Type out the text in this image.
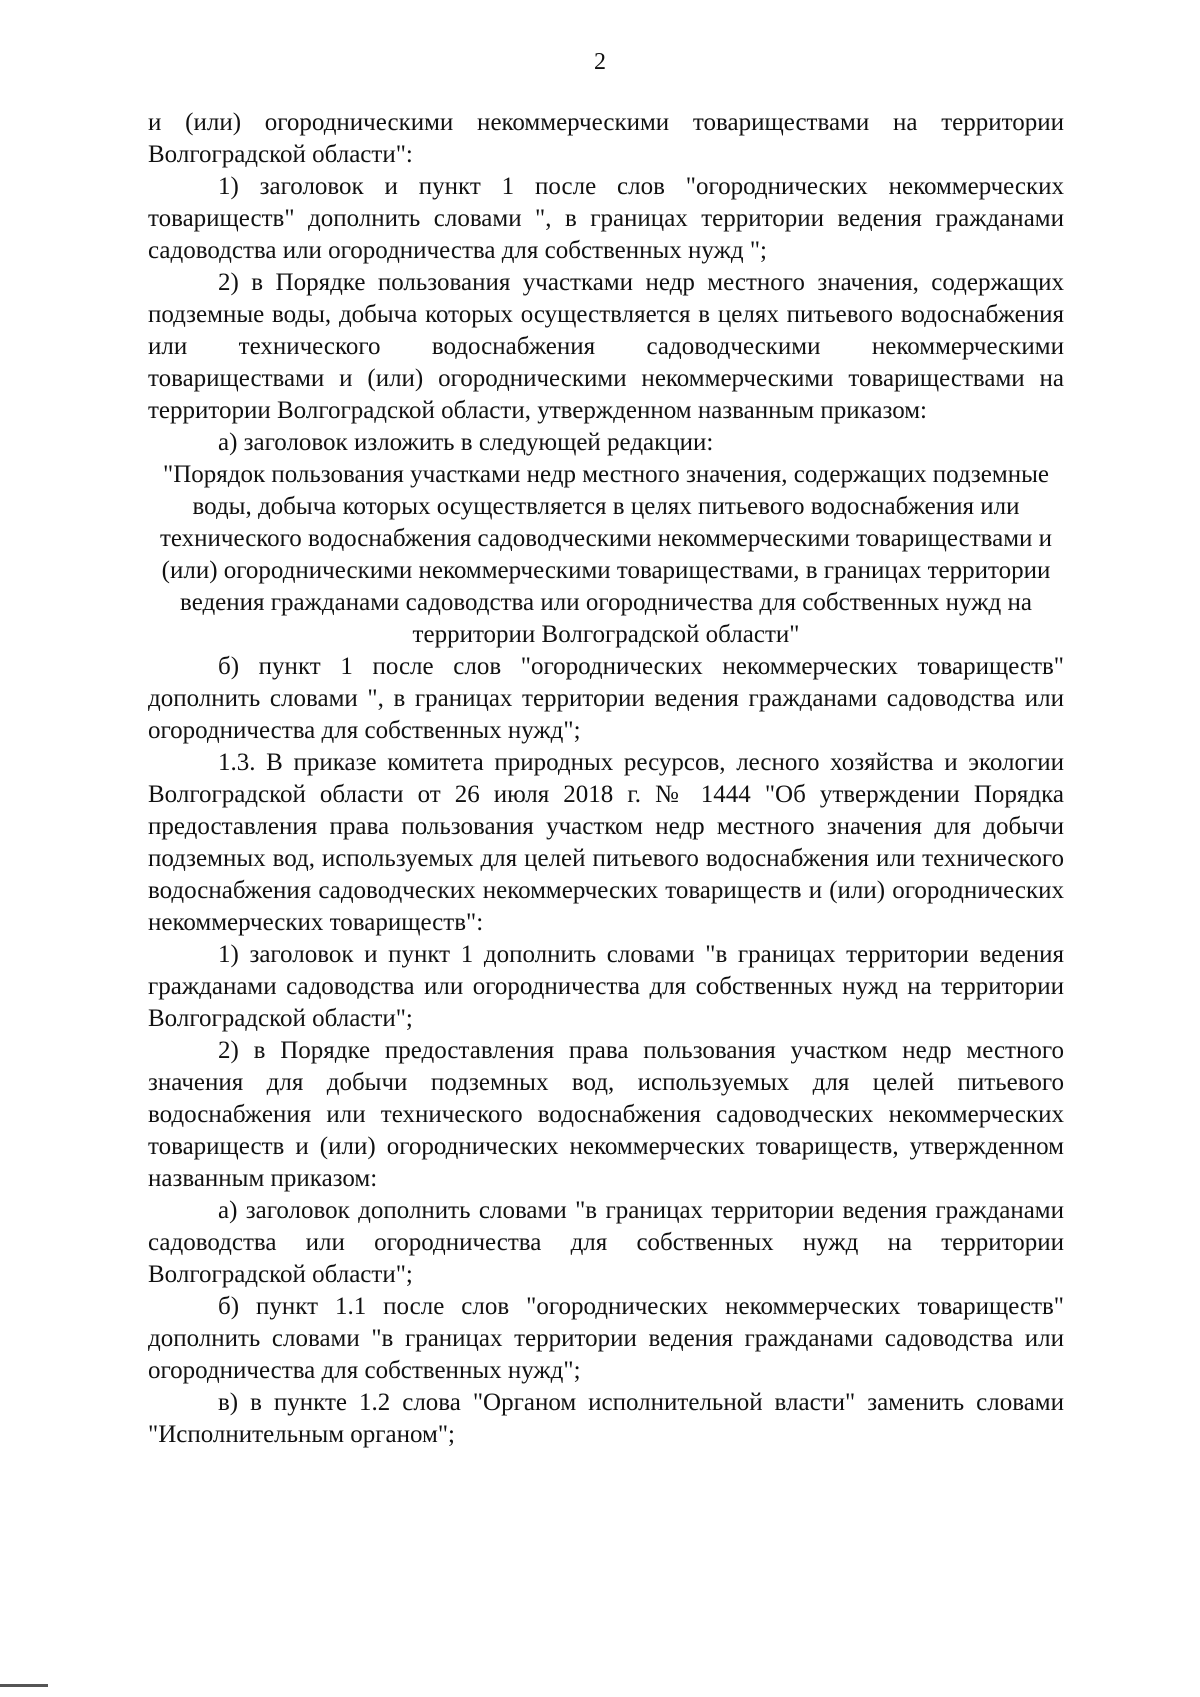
2

и (или) огородническими некоммерческими товариществами на территории Волгоградской области":

1) заголовок и пункт 1 после слов "огороднических некоммерческих товариществ" дополнить словами ", в границах территории ведения гражданами садоводства или огородничества для собственных нужд ";

2) в Порядке пользования участками недр местного значения, содержащих подземные воды, добыча которых осуществляется в целях питьевого водоснабжения или технического водоснабжения садоводческими некоммерческими товариществами и (или) огородническими некоммерческими товариществами на территории Волгоградской области, утвержденном названным приказом:

а) заголовок изложить в следующей редакции:

"Порядок пользования участками недр местного значения, содержащих подземные воды, добыча которых осуществляется в целях питьевого водоснабжения или технического водоснабжения садоводческими некоммерческими товариществами и (или) огородническими некоммерческими товариществами, в границах территории ведения гражданами садоводства или огородничества для собственных нужд на территории Волгоградской области"

б) пункт 1 после слов "огороднических некоммерческих товариществ" дополнить словами ", в границах территории ведения гражданами садоводства или огородничества для собственных нужд";

1.3. В приказе комитета природных ресурсов, лесного хозяйства и экологии Волгоградской области от 26 июля 2018 г. № 1444 "Об утверждении Порядка предоставления права пользования участком недр местного значения для добычи подземных вод, используемых для целей питьевого водоснабжения или технического водоснабжения садоводческих некоммерческих товариществ и (или) огороднических некоммерческих товариществ":

1) заголовок и пункт 1 дополнить словами "в границах территории ведения гражданами садоводства или огородничества для собственных нужд на территории Волгоградской области";

2) в Порядке предоставления права пользования участком недр местного значения для добычи подземных вод, используемых для целей питьевого водоснабжения или технического водоснабжения садоводческих некоммерческих товариществ и (или) огороднических некоммерческих товариществ, утвержденном названным приказом:

а) заголовок дополнить словами "в границах территории ведения гражданами садоводства или огородничества для собственных нужд на территории Волгоградской области";

б) пункт 1.1 после слов "огороднических некоммерческих товариществ" дополнить словами "в границах территории ведения гражданами садоводства или огородничества для собственных нужд";

в) в пункте 1.2 слова "Органом исполнительной власти" заменить словами "Исполнительным органом";
